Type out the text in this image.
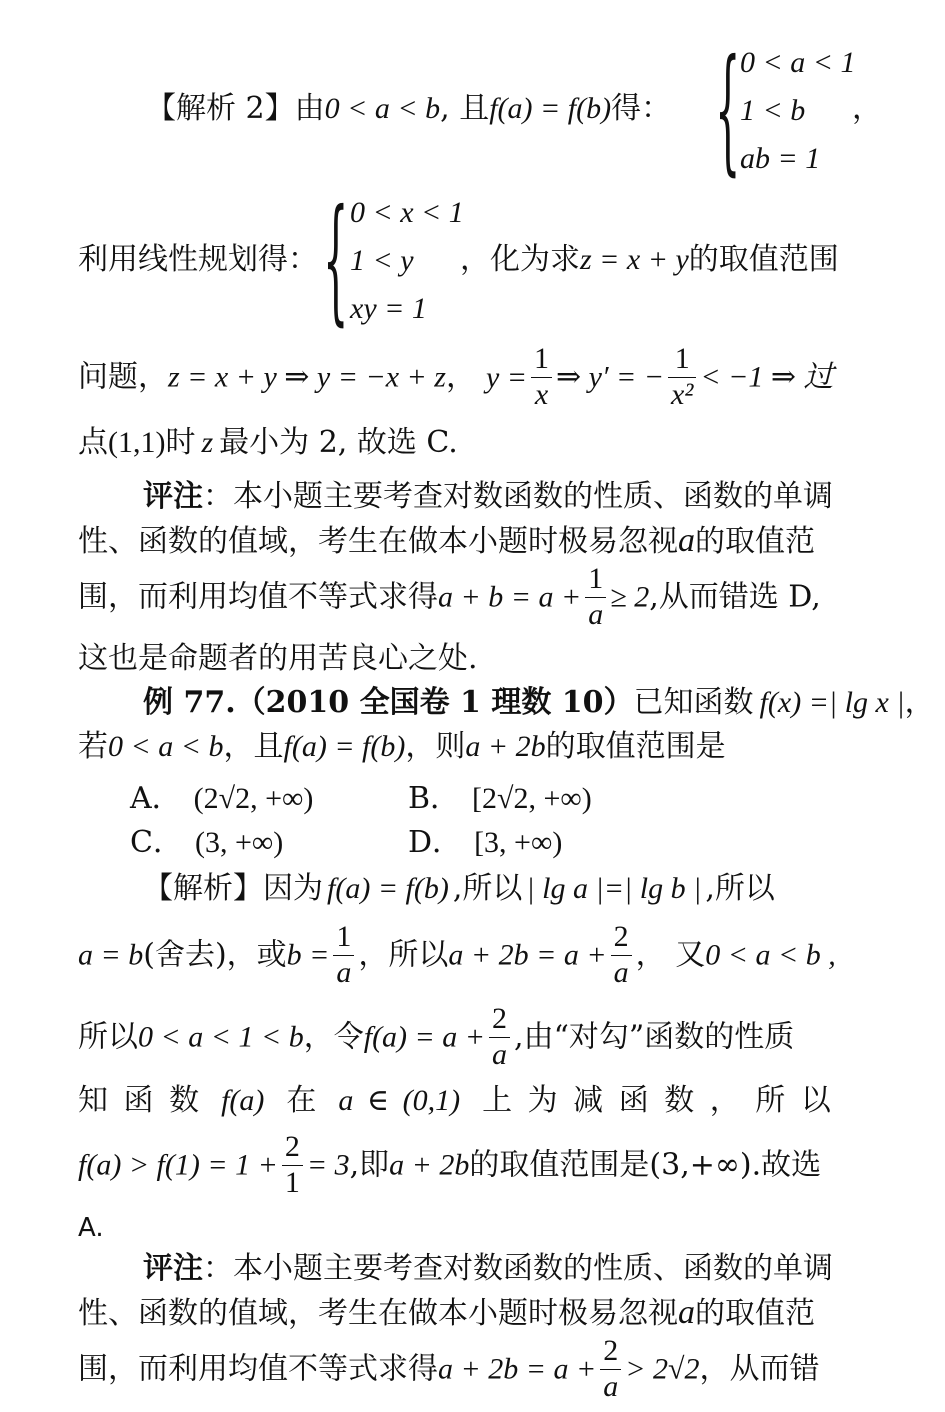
【解析 2】由0 < a < b, 且f(a) = f(b)得： { 0 < a < 1
1 < b
ab = 1
，
利用线性规划得： { 0 < x < 1
1 < y
xy = 1
，化为求z = x + y的取值范围
问题，z = x + y ⇒ y = −x + z， $y = \frac{1}{x}$ ⇒ y′ = − $\frac{1}{\text{x²}} < -1$ ⇒ 过
点(1,1)时 z 最小为 2, 故选 C.
评注：本小题主要考查对数函数的性质、函数的单调
性、函数的值域，考生在做本小题时极易忽视a的取值范
围，而利用均值不等式求得$a + b = a + \frac{1}{a} \ge 2$,从而错选 D,
这也是命题者的用苦良心之处.
例 77.（2010 全国卷 1 理数 10）已知函数 f(x) =| lg x |，
若0 < a < b，且f(a) = f(b)，则a + 2b的取值范围是
A． (2√2, +∞)	B． [2√2, +∞)
C． (3, +∞)	D． [3, +∞)
【解析】因为 f(a) = f(b) ,所以 | lg a |=| lg b | ,所以
a = b(舍去)，或$b = \frac{1}{a}$ ，所以$a + 2b = a + \frac{2}{a}$ ， 又0 < a < b ,
所以0 < a < 1 < b，令$f(a) = a + \frac{2}{a}$ ,由“对勾”函数的性质
知 函 数 f(a) 在 a ∈ (0,1) 上 为 减 函 数 ， 所 以
$f(a) > f(1) = 1 + \frac{2}{1} = 3$,即a + 2b的取值范围是(3,+∞).故选
A.
评注：本小题主要考查对数函数的性质、函数的单调
性、函数的值域，考生在做本小题时极易忽视a的取值范
围，而利用均值不等式求得$a + 2b = a + \frac{2}{a} > 2√2$，从而错
